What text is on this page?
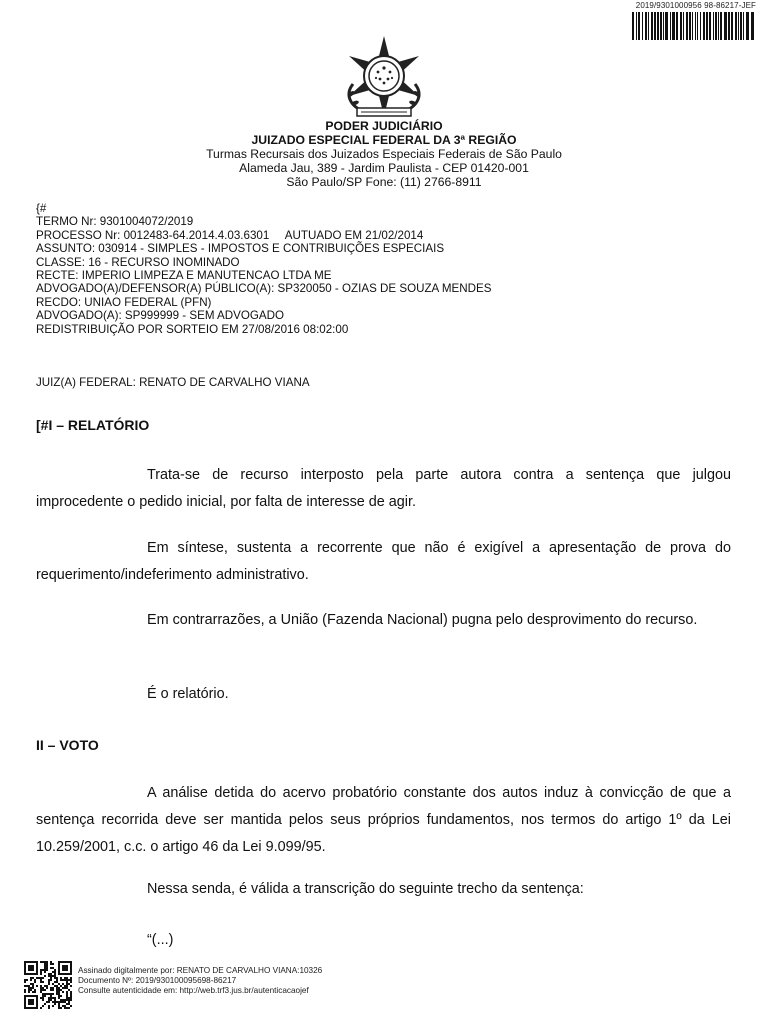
2019/9301000956 98-86217-JEF
PODER JUDICIÁRIO
JUIZADO ESPECIAL FEDERAL DA 3ª REGIÃO
Turmas Recursais dos Juizados Especiais Federais de São Paulo
Alameda Jau, 389 - Jardim Paulista - CEP 01420-001
São Paulo/SP Fone: (11) 2766-8911
{#
TERMO Nr: 9301004072/2019
PROCESSO Nr: 0012483-64.2014.4.03.6301     AUTUADO EM 21/02/2014
ASSUNTO: 030914 - SIMPLES - IMPOSTOS E CONTRIBUIÇÕES ESPECIAIS
CLASSE: 16 - RECURSO INOMINADO
RECTE: IMPERIO LIMPEZA E MANUTENCAO LTDA ME
ADVOGADO(A)/DEFENSOR(A) PÚBLICO(A): SP320050 - OZIAS DE SOUZA MENDES
RECDO: UNIAO FEDERAL (PFN)
ADVOGADO(A): SP999999 - SEM ADVOGADO
REDISTRIBUIÇÃO POR SORTEIO EM 27/08/2016 08:02:00
JUIZ(A) FEDERAL: RENATO DE CARVALHO VIANA
[#I – RELATÓRIO
Trata-se de recurso interposto pela parte autora contra a sentença que julgou improcedente o pedido inicial, por falta de interesse de agir.
Em síntese, sustenta a recorrente que não é exigível a apresentação de prova do requerimento/indeferimento administrativo.
Em contrarrazões, a União (Fazenda Nacional) pugna pelo desprovimento do recurso.
É o relatório.
II – VOTO
A análise detida do acervo probatório constante dos autos induz à convicção de que a sentença recorrida deve ser mantida pelos seus próprios fundamentos, nos termos do artigo 1º da Lei 10.259/2001, c.c. o artigo 46 da Lei 9.099/95.
Nessa senda, é válida a transcrição do seguinte trecho da sentença:
“(...)
Assinado digitalmente por: RENATO DE CARVALHO VIANA:10326
Documento Nº: 2019/930100095698-86217
Consulte autenticidade em: http://web.trf3.jus.br/autenticacaojef
